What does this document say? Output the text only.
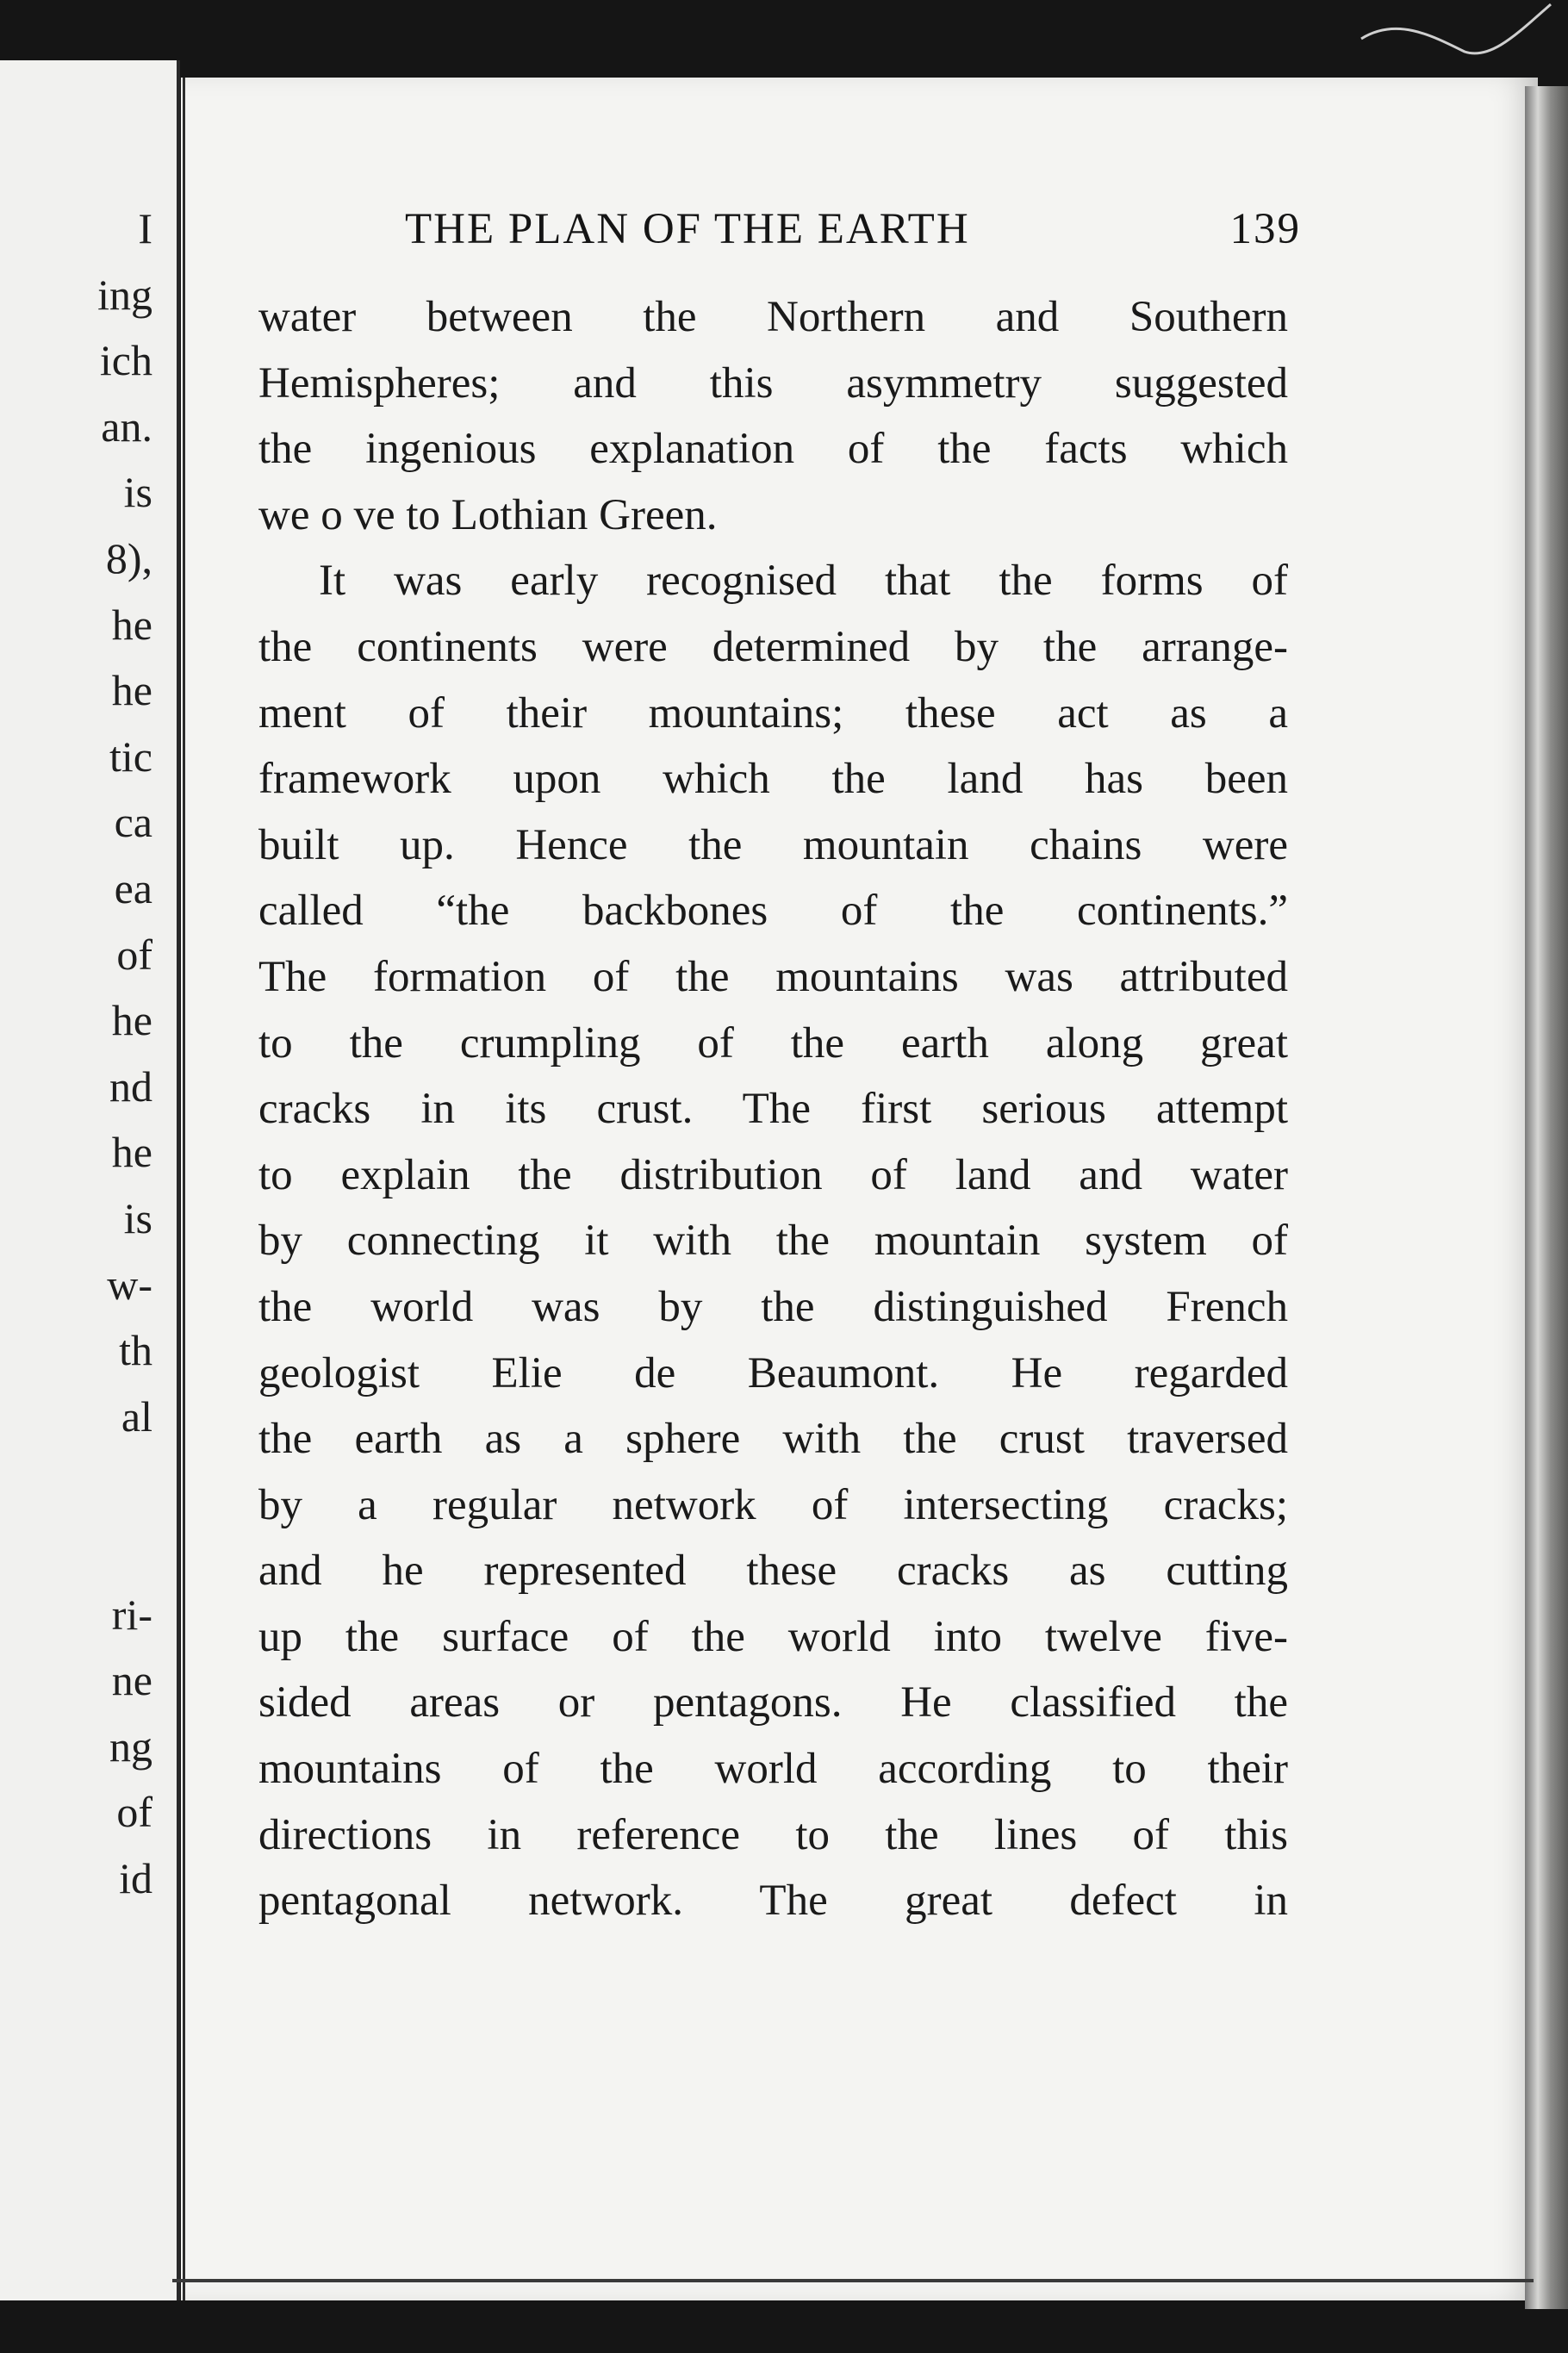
I
ing
ich
an.
is
8),
he
he
tic
ca
ea
of
he
nd
he
is
w-
th
al
ri-
ne
ng
of
id
THE PLAN OF THE EARTH	139
water between the Northern and Southern
Hemispheres; and this asymmetry suggested
the ingenious explanation of the facts which
we o ve to Lothian Green.
It was early recognised that the forms of
the continents were determined by the arrange-
ment of their mountains; these act as a
framework upon which the land has been
built up. Hence the mountain chains were
called “the backbones of the continents.”
The formation of the mountains was attributed
to the crumpling of the earth along great
cracks in its crust. The first serious attempt
to explain the distribution of land and water
by connecting it with the mountain system of
the world was by the distinguished French
geologist Elie de Beaumont. He regarded
the earth as a sphere with the crust traversed
by a regular network of intersecting cracks;
and he represented these cracks as cutting
up the surface of the world into twelve five-
sided areas or pentagons. He classified the
mountains of the world according to their
directions in reference to the lines of this
pentagonal network. The great defect in
